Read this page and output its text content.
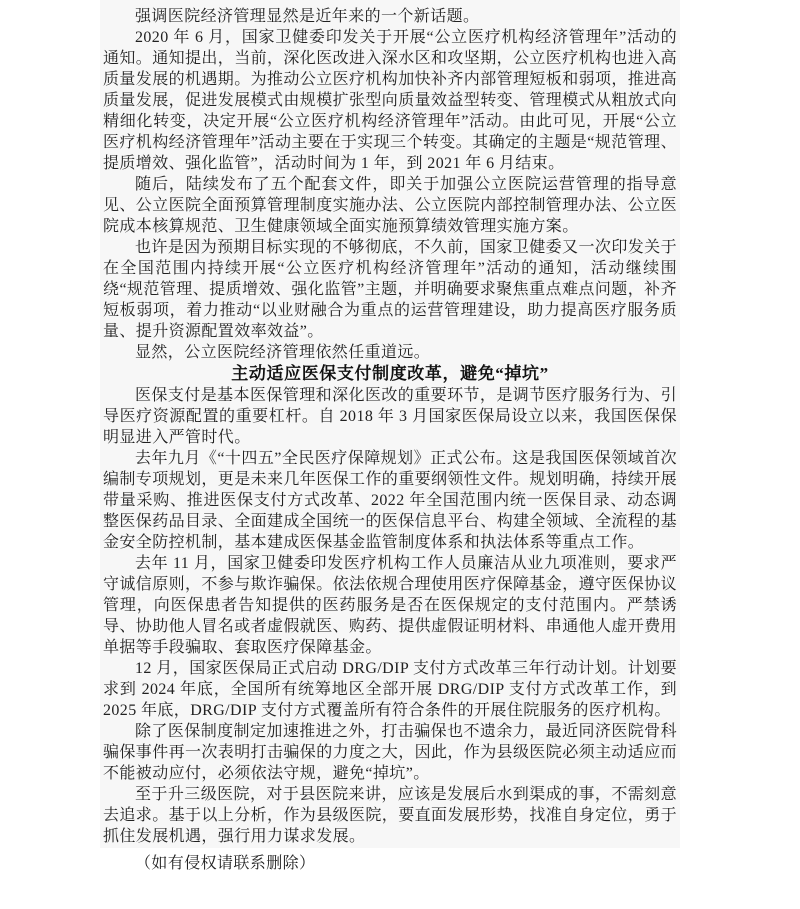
强调医院经济管理显然是近年来的一个新话题。

2020 年 6 月，国家卫健委印发关于开展“公立医疗机构经济管理年”活动的通知。通知提出，当前，深化医改进入深水区和攻坚期，公立医疗机构也进入高质量发展的机遇期。为推动公立医疗机构加快补齐内部管理短板和弱项，推进高质量发展，促进发展模式由规模扩张型向质量效益型转变、管理模式从粗放式向精细化转变，决定开展“公立医疗机构经济管理年”活动。由此可见，开展“公立医疗机构经济管理年”活动主要在于实现三个转变。其确定的主题是“规范管理、提质增效、强化监管”，活动时间为 1 年，到 2021 年 6 月结束。

随后，陆续发布了五个配套文件，即关于加强公立医院运营管理的指导意见、公立医院全面预算管理制度实施办法、公立医院内部控制管理办法、公立医院成本核算规范、卫生健康领域全面实施预算绩效管理实施方案。

也许是因为预期目标实现的不够彻底，不久前，国家卫健委又一次印发关于在全国范围内持续开展“公立医疗机构经济管理年”活动的通知，活动继续围绕“规范管理、提质增效、强化监管”主题，并明确要求聚焦重点难点问题，补齐短板弱项，着力推动“以业财融合为重点的运营管理建设，助力提高医疗服务质量、提升资源配置效率效益”。

显然，公立医院经济管理依然任重道远。

主动适应医保支付制度改革，避免“掉坑”

医保支付是基本医保管理和深化医改的重要环节，是调节医疗服务行为、引导医疗资源配置的重要杠杆。自 2018 年 3 月国家医保局设立以来，我国医保保明显进入严管时代。

去年九月《“十四五”全民医疗保障规划》正式公布。这是我国医保领域首次编制专项规划，更是未来几年医保工作的重要纲领性文件。规划明确，持续开展带量采购、推进医保支付方式改革、2022 年全国范围内统一医保目录、动态调整医保药品目录、全面建成全国统一的医保信息平台、构建全领域、全流程的基金安全防控机制，基本建成医保基金监管制度体系和执法体系等重点工作。

去年 11 月，国家卫健委印发医疗机构工作人员廉洁从业九项准则，要求严守诚信原则，不参与欺诈骗保。依法依规合理使用医疗保障基金，遵守医保协议管理，向医保患者告知提供的医药服务是否在医保规定的支付范围内。严禁诱导、协助他人冒名或者虚假就医、购药、提供虚假证明材料、串通他人虚开费用单据等手段骗取、套取医疗保障基金。

12 月，国家医保局正式启动 DRG/DIP 支付方式改革三年行动计划。计划要求到 2024 年底，全国所有统筹地区全部开展 DRG/DIP 支付方式改革工作，到 2025 年底，DRG/DIP 支付方式覆盖所有符合条件的开展住院服务的医疗机构。

除了医保制度制定加速推进之外，打击骗保也不遗余力，最近同济医院骨科骗保事件再一次表明打击骗保的力度之大，因此，作为县级医院必须主动适应而不能被动应付，必须依法守规，避免“掉坑”。

至于升三级医院，对于县医院来讲，应该是发展后水到渠成的事，不需刻意去追求。基于以上分析，作为县级医院，要直面发展形势，找准自身定位，勇于抓住发展机遇，强行用力谋求发展。

（如有侵权请联系删除）
